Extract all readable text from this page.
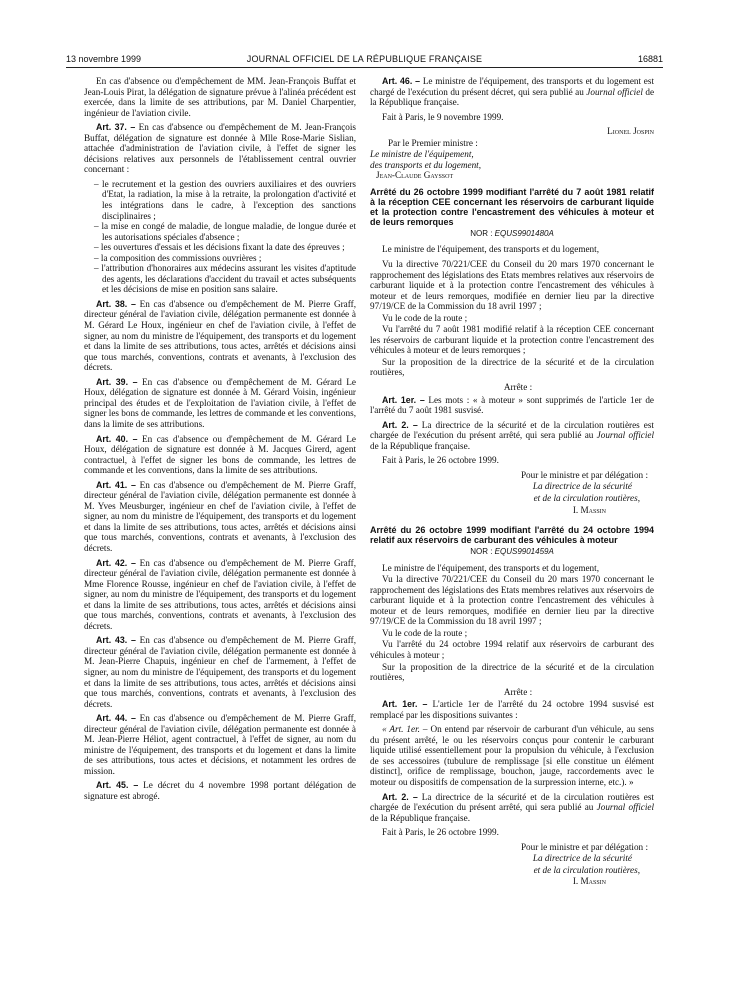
13 novembre 1999	JOURNAL OFFICIEL DE LA RÉPUBLIQUE FRANÇAISE	16881

En cas d'absence ou d'empêchement de MM. Jean-François Buffat et Jean-Louis Pirat, la délégation de signature prévue à l'alinéa précédent est exercée, dans la limite de ses attributions, par M. Daniel Charpentier, ingénieur de l'aviation civile.

Art. 37. – En cas d'absence ou d'empêchement de M. Jean-François Buffat, délégation de signature est donnée à Mlle Rose-Marie Sislian, attachée d'administration de l'aviation civile, à l'effet de signer les décisions relatives aux personnels de l'établissement central ouvrier concernant :

– le recrutement et la gestion des ouvriers auxiliaires et des ouvriers d'Etat, la radiation, la mise à la retraite, la prolongation d'activité et les intégrations dans le cadre, à l'exception des sanctions disciplinaires ;
– la mise en congé de maladie, de longue maladie, de longue durée et les autorisations spéciales d'absence ;
– les ouvertures d'essais et les décisions fixant la date des épreuves ;
– la composition des commissions ouvrières ;
– l'attribution d'honoraires aux médecins assurant les visites d'aptitude des agents, les déclarations d'accident du travail et actes subséquents et les décisions de mise en position sans salaire.

Art. 38. – En cas d'absence ou d'empêchement de M. Pierre Graff, directeur général de l'aviation civile, délégation permanente est donnée à M. Gérard Le Houx, ingénieur en chef de l'aviation civile, à l'effet de signer, au nom du ministre de l'équipement, des transports et du logement et dans la limite de ses attributions, tous actes, arrêtés et décisions ainsi que tous marchés, conventions, contrats et avenants, à l'exclusion des décrets.

Art. 39. – En cas d'absence ou d'empêchement de M. Gérard Le Houx, délégation de signature est donnée à M. Gérard Voisin, ingénieur principal des études et de l'exploitation de l'aviation civile, à l'effet de signer les bons de commande, les lettres de commande et les conventions, dans la limite de ses attributions.

Art. 40. – En cas d'absence ou d'empêchement de M. Gérard Le Houx, délégation de signature est donnée à M. Jacques Girerd, agent contractuel, à l'effet de signer les bons de commande, les lettres de commande et les conventions, dans la limite de ses attributions.

Art. 41. – En cas d'absence ou d'empêchement de M. Pierre Graff, directeur général de l'aviation civile, délégation permanente est donnée à M. Yves Meusburger, ingénieur en chef de l'aviation civile, à l'effet de signer, au nom du ministre de l'équipement, des transports et du logement et dans la limite de ses attributions, tous actes, arrêtés et décisions ainsi que tous marchés, conventions, contrats et avenants, à l'exclusion des décrets.

Art. 42. – En cas d'absence ou d'empêchement de M. Pierre Graff, directeur général de l'aviation civile, délégation permanente est donnée à Mme Florence Rousse, ingénieur en chef de l'aviation civile, à l'effet de signer, au nom du ministre de l'équipement, des transports et du logement et dans la limite de ses attributions, tous actes, arrêtés et décisions ainsi que tous marchés, conventions, contrats et avenants, à l'exclusion des décrets.

Art. 43. – En cas d'absence ou d'empêchement de M. Pierre Graff, directeur général de l'aviation civile, délégation permanente est donnée à M. Jean-Pierre Chapuis, ingénieur en chef de l'armement, à l'effet de signer, au nom du ministre de l'équipement, des transports et du logement et dans la limite de ses attributions, tous actes, arrêtés et décisions ainsi que tous marchés, conventions, contrats et avenants, à l'exclusion des décrets.

Art. 44. – En cas d'absence ou d'empêchement de M. Pierre Graff, directeur général de l'aviation civile, délégation permanente est donnée à M. Jean-Pierre Héliot, agent contractuel, à l'effet de signer, au nom du ministre de l'équipement, des transports et du logement et dans la limite de ses attributions, tous actes et décisions, et notamment les ordres de mission.

Art. 45. – Le décret du 4 novembre 1998 portant délégation de signature est abrogé.

Art. 46. – Le ministre de l'équipement, des transports et du logement est chargé de l'exécution du présent décret, qui sera publié au Journal officiel de la République française.

Fait à Paris, le 9 novembre 1999.

Lionel Jospin

Par le Premier ministre :

Le ministre de l'équipement,

des transports et du logement,

Jean-Claude Gayssot

Arrêté du 26 octobre 1999 modifiant l'arrêté du 7 août 1981 relatif à la réception CEE concernant les réservoirs de carburant liquide et la protection contre l'encastrement des véhicules à moteur et de leurs remorques
NOR : EQUS9901480A

Le ministre de l'équipement, des transports et du logement,

Vu la directive 70/221/CEE du Conseil du 20 mars 1970 concernant le rapprochement des législations des Etats membres relatives aux réservoirs de carburant liquide et à la protection contre l'encastrement des véhicules à moteur et de leurs remorques, modifiée en dernier lieu par la directive 97/19/CE de la Commission du 18 avril 1997 ;

Vu le code de la route ;

Vu l'arrêté du 7 août 1981 modifié relatif à la réception CEE concernant les réservoirs de carburant liquide et la protection contre l'encastrement des véhicules à moteur et de leurs remorques ;

Sur la proposition de la directrice de la sécurité et de la circulation routières,

Arrête :

Art. 1er. – Les mots : « à moteur » sont supprimés de l'article 1er de l'arrêté du 7 août 1981 susvisé.

Art. 2. – La directrice de la sécurité et de la circulation routières est chargée de l'exécution du présent arrêté, qui sera publié au Journal officiel de la République française.

Fait à Paris, le 26 octobre 1999.

Pour le ministre et par délégation :

La directrice de la sécurité

et de la circulation routières,

I. Massin

Arrêté du 26 octobre 1999 modifiant l'arrêté du 24 octobre 1994 relatif aux réservoirs de carburant des véhicules à moteur
NOR : EQUS9901459A

Le ministre de l'équipement, des transports et du logement,

Vu la directive 70/221/CEE du Conseil du 20 mars 1970 concernant le rapprochement des législations des Etats membres relatives aux réservoirs de carburant liquide et à la protection contre l'encastrement des véhicules à moteur et de leurs remorques, modifiée en dernier lieu par la directive 97/19/CE de la Commission du 18 avril 1997 ;

Vu le code de la route ;

Vu l'arrêté du 24 octobre 1994 relatif aux réservoirs de carburant des véhicules à moteur ;

Sur la proposition de la directrice de la sécurité et de la circulation routières,

Arrête :

Art. 1er. – L'article 1er de l'arrêté du 24 octobre 1994 susvisé est remplacé par les dispositions suivantes :

« Art. 1er. – On entend par réservoir de carburant d'un véhicule, au sens du présent arrêté, le ou les réservoirs conçus pour contenir le carburant liquide utilisé essentiellement pour la propulsion du véhicule, à l'exclusion de ses accessoires (tubulure de remplissage [si elle constitue un élément distinct], orifice de remplissage, bouchon, jauge, raccordements avec le moteur ou dispositifs de compensation de la surpression interne, etc.). »

Art. 2. – La directrice de la sécurité et de la circulation routières est chargée de l'exécution du présent arrêté, qui sera publié au Journal officiel de la République française.

Fait à Paris, le 26 octobre 1999.

Pour le ministre et par délégation :

La directrice de la sécurité

et de la circulation routières,

I. Massin
